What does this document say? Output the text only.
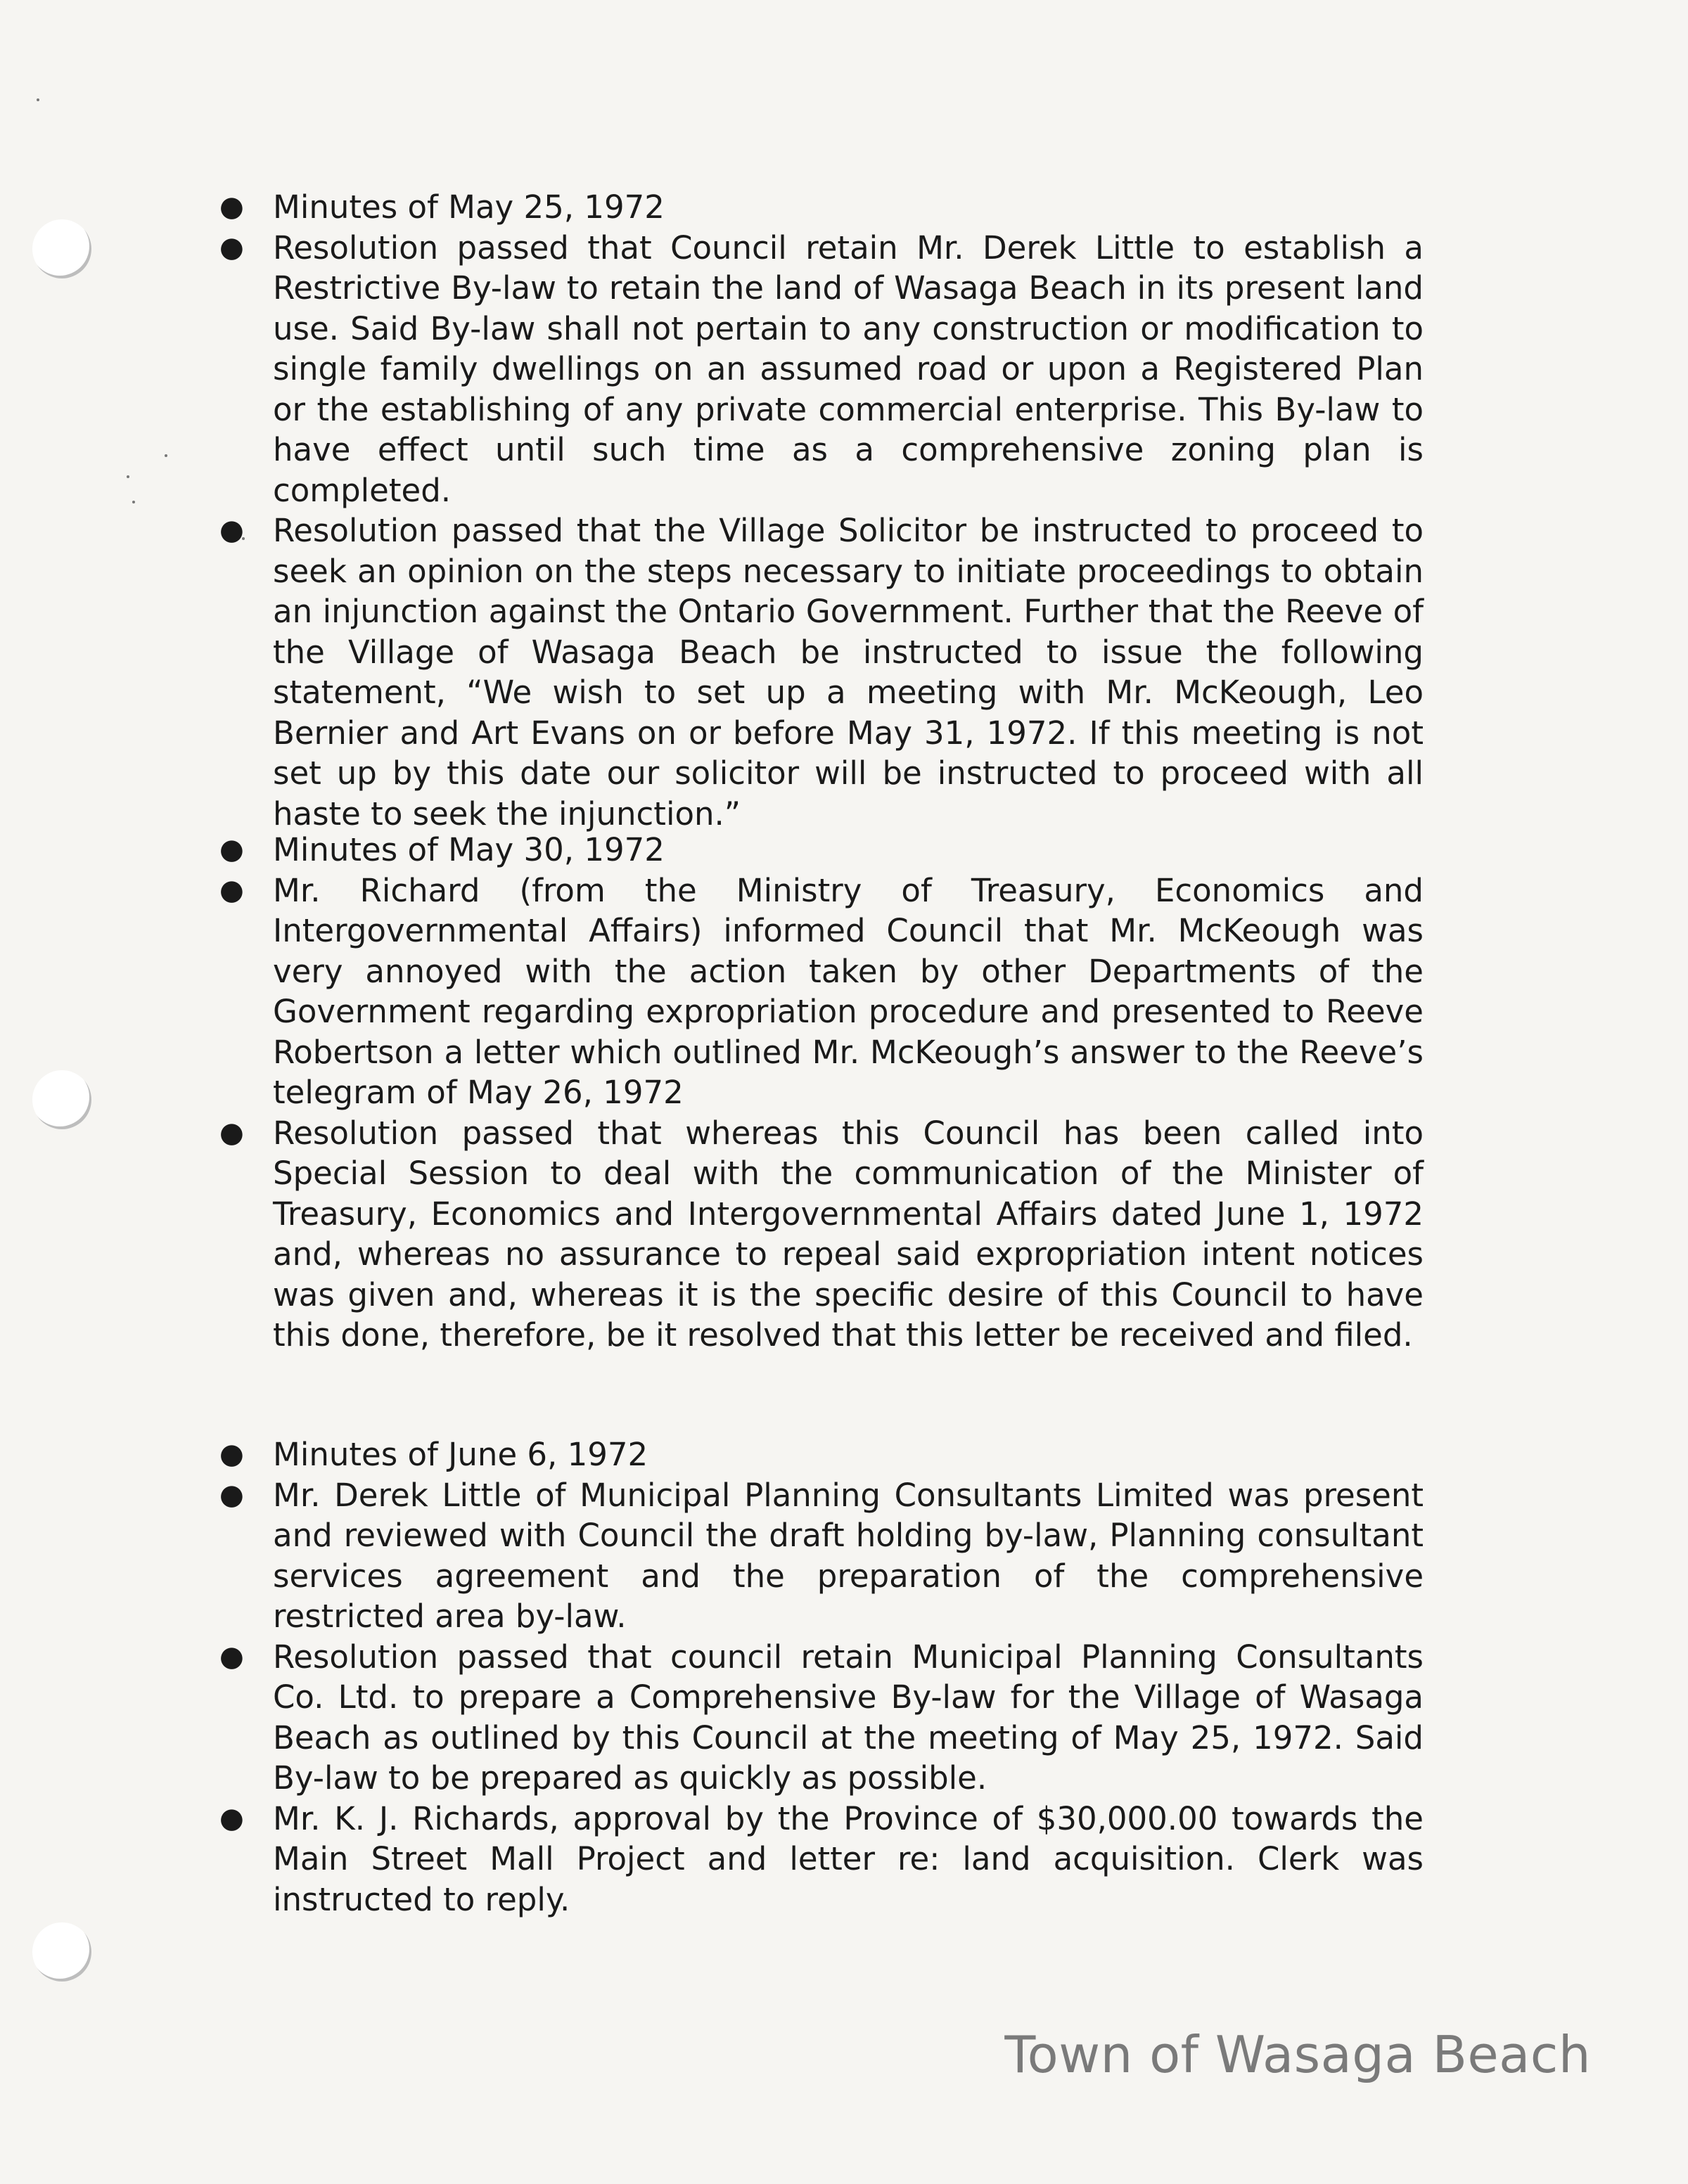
● Minutes of May 25, 1972
● Resolution passed that Council retain Mr. Derek Little to establish a Restrictive By-law to retain the land of Wasaga Beach in its present land use. Said By-law shall not pertain to any construction or modification to single family dwellings on an assumed road or upon a Registered Plan or the establishing of any private commercial enterprise. This By-law to have effect until such time as a comprehensive zoning plan is completed.
● Resolution passed that the Village Solicitor be instructed to proceed to seek an opinion on the steps necessary to initiate proceedings to obtain an injunction against the Ontario Government. Further that the Reeve of the Village of Wasaga Beach be instructed to issue the following statement, “We wish to set up a meeting with Mr. McKeough, Leo Bernier and Art Evans on or before May 31, 1972. If this meeting is not set up by this date our solicitor will be instructed to proceed with all haste to seek the injunction.”
● Minutes of May 30, 1972
● Mr. Richard (from the Ministry of Treasury, Economics and Intergovernmental Affairs) informed Council that Mr. McKeough was very annoyed with the action taken by other Departments of the Government regarding expropriation procedure and presented to Reeve Robertson a letter which outlined Mr. McKeough’s answer to the Reeve’s telegram of May 26, 1972
● Resolution passed that whereas this Council has been called into Special Session to deal with the communication of the Minister of Treasury, Economics and Intergovernmental Affairs dated June 1, 1972 and, whereas no assurance to repeal said expropriation intent notices was given and, whereas it is the specific desire of this Council to have this done, therefore, be it resolved that this letter be received and filed.
● Minutes of June 6, 1972
● Mr. Derek Little of Municipal Planning Consultants Limited was present and reviewed with Council the draft holding by-law, Planning consultant services agreement and the preparation of the comprehensive restricted area by-law.
● Resolution passed that council retain Municipal Planning Consultants Co. Ltd. to prepare a Comprehensive By-law for the Village of Wasaga Beach as outlined by this Council at the meeting of May 25, 1972. Said By-law to be prepared as quickly as possible.
● Mr. K. J. Richards, approval by the Province of $30,000.00 towards the Main Street Mall Project and letter re: land acquisition. Clerk was instructed to reply.
Town of Wasaga Beach
